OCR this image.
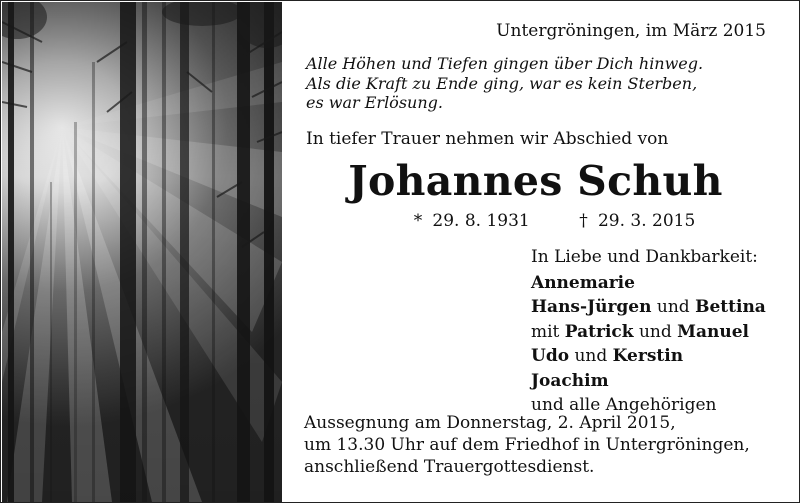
Untergröningen, im März 2015
Alle Höhen und Tiefen gingen über Dich hinweg.
Als die Kraft zu Ende ging, war es kein Sterben,
es war Erlösung.
In tiefer Trauer nehmen wir Abschied von
Johannes Schuh
* 29. 8. 1931	† 29. 3. 2015
In Liebe und Dankbarkeit:
Annemarie
Hans-Jürgen und Bettina
mit Patrick und Manuel
Udo und Kerstin
Joachim
und alle Angehörigen
Aussegnung am Donnerstag, 2. April 2015,
um 13.30 Uhr auf dem Friedhof in Untergröningen,
anschließend Trauergottesdienst.
